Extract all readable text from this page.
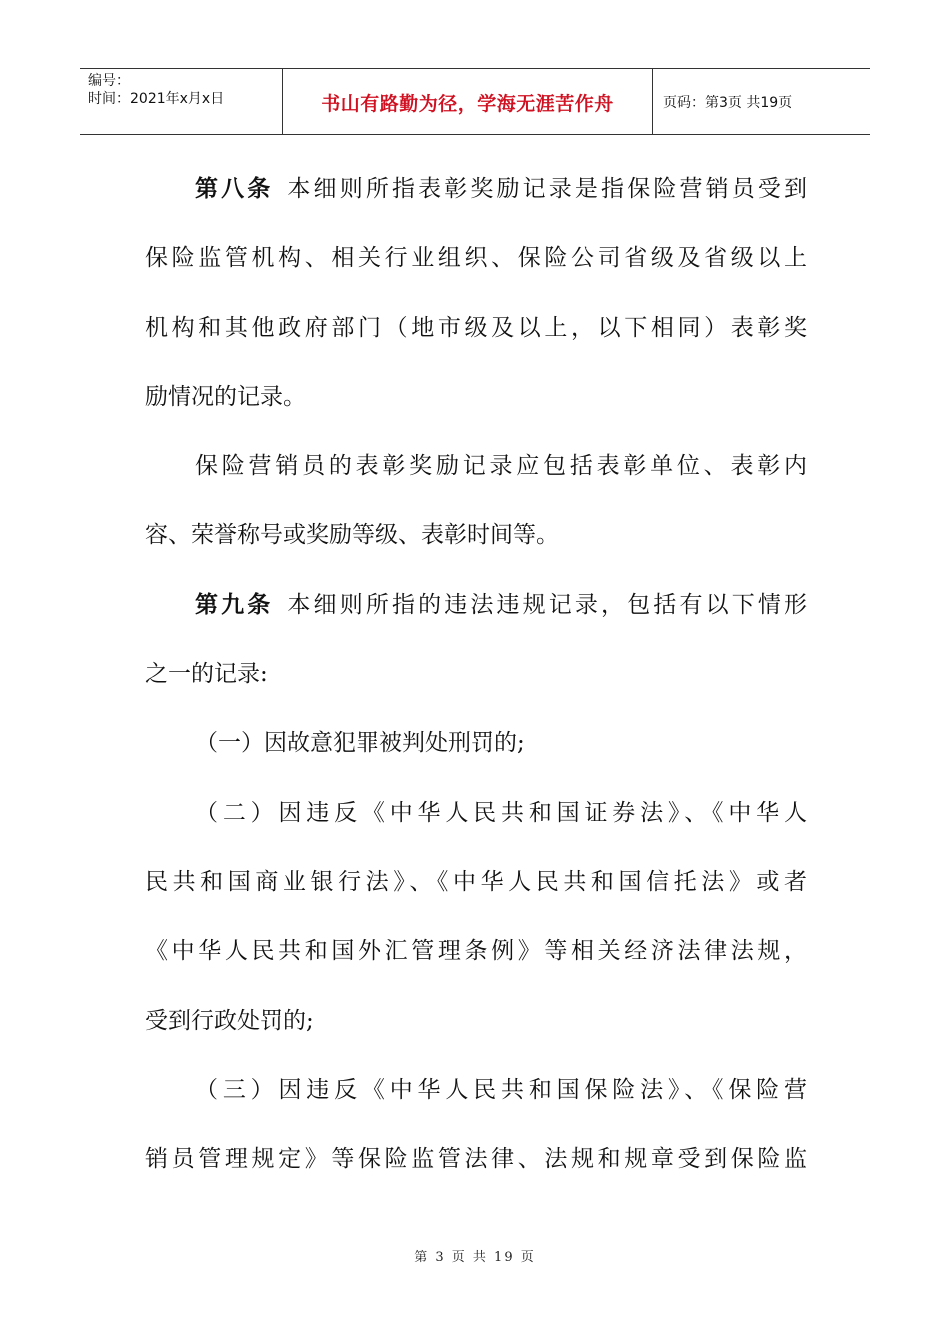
编号：
时间：2021年x月x日	书山有路勤为径，学海无涯苦作舟	页码：第3页 共19页
第八条 本细则所指表彰奖励记录是指保险营销员受到
保险监管机构、相关行业组织、保险公司省级及省级以上
机构和其他政府部门（地市级及以上，以下相同）表彰奖
励情况的记录。
保险营销员的表彰奖励记录应包括表彰单位、表彰内
容、荣誉称号或奖励等级、表彰时间等。
第九条 本细则所指的违法违规记录，包括有以下情形
之一的记录:
（一）因故意犯罪被判处刑罚的;
（二）因违反《中华人民共和国证券法》、《中华人
民共和国商业银行法》、《中华人民共和国信托法》或者
《中华人民共和国外汇管理条例》等相关经济法律法规，
受到行政处罚的;
（三）因违反《中华人民共和国保险法》、《保险营
销员管理规定》等保险监管法律、法规和规章受到保险监
第 3 页 共 19 页
